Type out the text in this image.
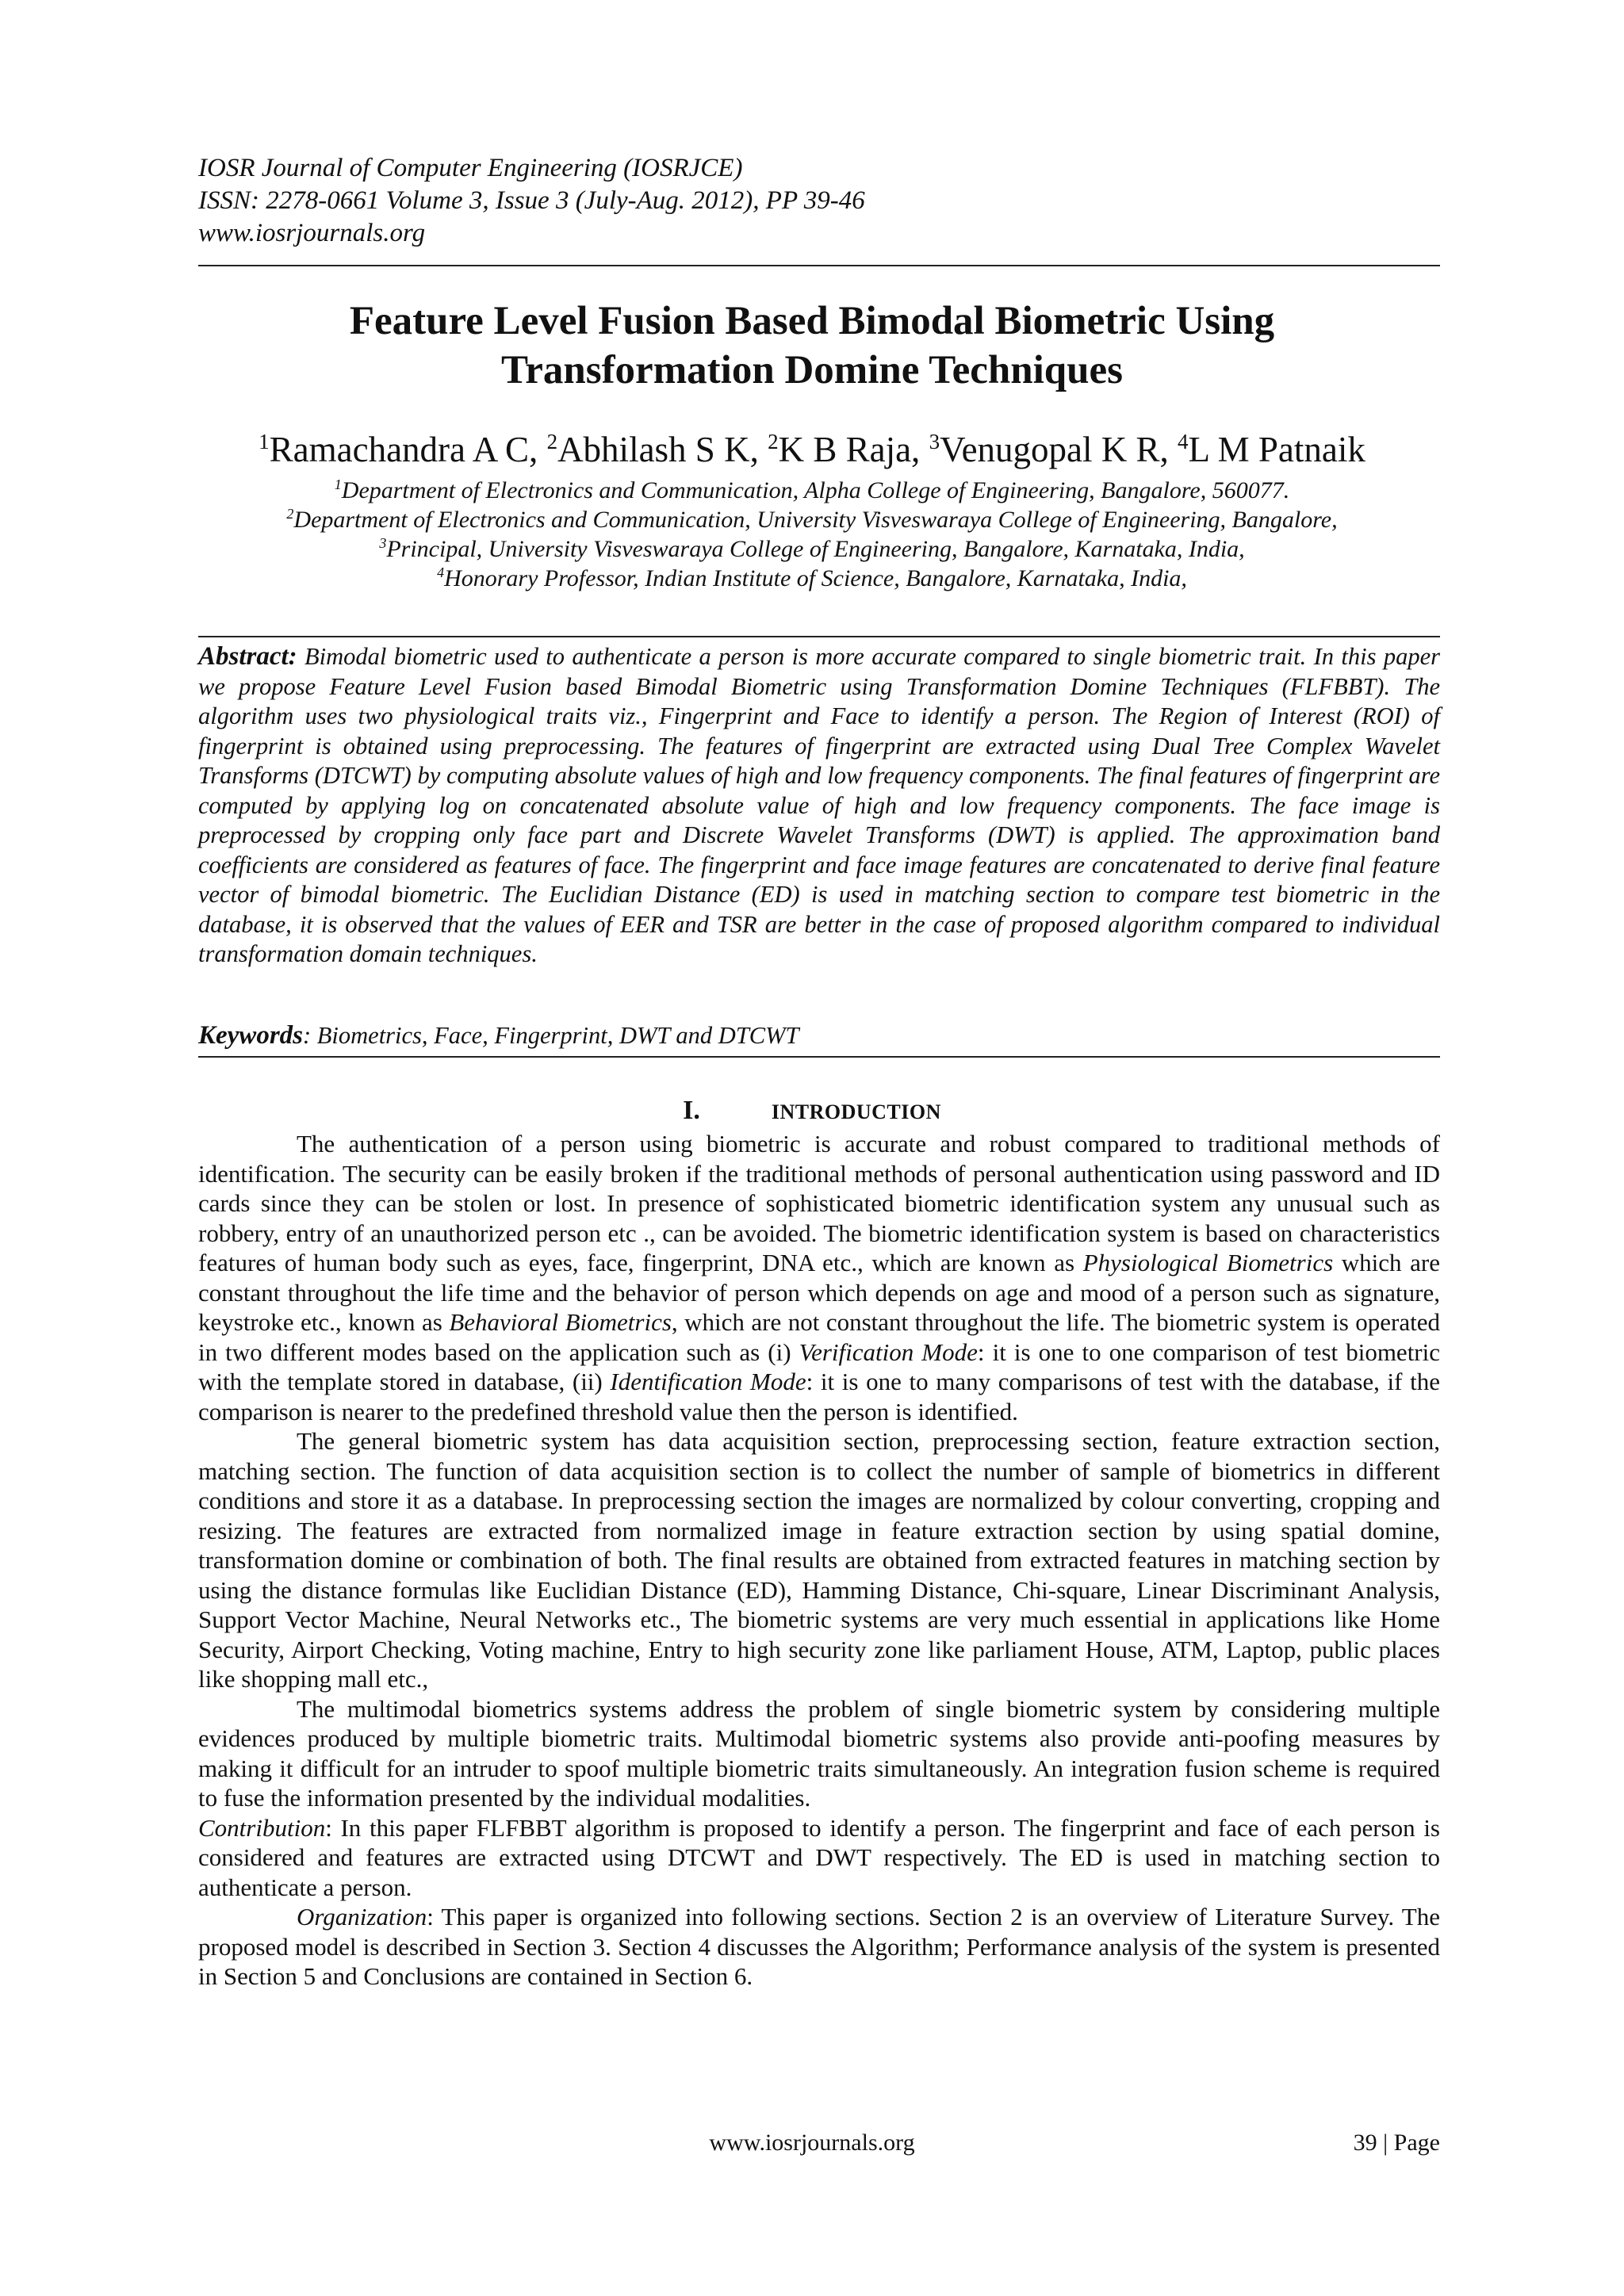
IOSR Journal of Computer Engineering (IOSRJCE)
ISSN: 2278-0661 Volume 3, Issue 3 (July-Aug. 2012), PP 39-46
www.iosrjournals.org
Feature Level Fusion Based Bimodal Biometric Using
Transformation Domine Techniques
$^1$Ramachandra A C, $^2$Abhilash S K, $^2$K B Raja, $^3$Venugopal K R, $^4$L M Patnaik
$^1$Department of Electronics and Communication, Alpha College of Engineering, Bangalore, 560077.
$^2$Department of Electronics and Communication, University Visveswaraya College of Engineering, Bangalore,
$^3$Principal, University Visveswaraya College of Engineering, Bangalore, Karnataka, India,
$^4$Honorary Professor, Indian Institute of Science, Bangalore, Karnataka, India,
Abstract: Bimodal biometric used to authenticate a person is more accurate compared to single biometric trait. In this paper we propose Feature Level Fusion based Bimodal Biometric using Transformation Domine Techniques (FLFBBT). The algorithm uses two physiological traits viz., Fingerprint and Face to identify a person. The Region of Interest (ROI) of fingerprint is obtained using preprocessing. The features of fingerprint are extracted using Dual Tree Complex Wavelet Transforms (DTCWT) by computing absolute values of high and low frequency components. The final features of fingerprint are computed by applying log on concatenated absolute value of high and low frequency components. The face image is preprocessed by cropping only face part and Discrete Wavelet Transforms (DWT) is applied. The approximation band coefficients are considered as features of face. The fingerprint and face image features are concatenated to derive final feature vector of bimodal biometric. The Euclidian Distance (ED) is used in matching section to compare test biometric in the database, it is observed that the values of EER and TSR are better in the case of proposed algorithm compared to individual transformation domain techniques.
Keywords: Biometrics, Face, Fingerprint, DWT and DTCWT
I.	INTRODUCTION

The authentication of a person using biometric is accurate and robust compared to traditional methods of identification. The security can be easily broken if the traditional methods of personal authentication using password and ID cards since they can be stolen or lost. In presence of sophisticated biometric identification system any unusual such as robbery, entry of an unauthorized person etc ., can be avoided. The biometric identification system is based on characteristics features of human body such as eyes, face, fingerprint, DNA etc., which are known as Physiological Biometrics which are constant throughout the life time and the behavior of person which depends on age and mood of a person such as signature, keystroke etc., known as Behavioral Biometrics, which are not constant throughout the life. The biometric system is operated in two different modes based on the application such as (i) Verification Mode: it is one to one comparison of test biometric with the template stored in database, (ii) Identification Mode: it is one to many comparisons of test with the database, if the comparison is nearer to the predefined threshold value then the person is identified.

The general biometric system has data acquisition section, preprocessing section, feature extraction section, matching section. The function of data acquisition section is to collect the number of sample of biometrics in different conditions and store it as a database. In preprocessing section the images are normalized by colour converting, cropping and resizing. The features are extracted from normalized image in feature extraction section by using spatial domine, transformation domine or combination of both. The final results are obtained from extracted features in matching section by using the distance formulas like Euclidian Distance (ED), Hamming Distance, Chi-square, Linear Discriminant Analysis, Support Vector Machine, Neural Networks etc., The biometric systems are very much essential in applications like Home Security, Airport Checking, Voting machine, Entry to high security zone like parliament House, ATM, Laptop, public places like shopping mall etc.,

The multimodal biometrics systems address the problem of single biometric system by considering multiple evidences produced by multiple biometric traits. Multimodal biometric systems also provide anti-poofing measures by making it difficult for an intruder to spoof multiple biometric traits simultaneously. An integration fusion scheme is required to fuse the information presented by the individual modalities.

Contribution: In this paper FLFBBT algorithm is proposed to identify a person. The fingerprint and face of each person is considered and features are extracted using DTCWT and DWT respectively. The ED is used in matching section to authenticate a person.

Organization: This paper is organized into following sections. Section 2 is an overview of Literature Survey. The proposed model is described in Section 3. Section 4 discusses the Algorithm; Performance analysis of the system is presented in Section 5 and Conclusions are contained in Section 6.

www.iosrjournals.org	39 | Page
